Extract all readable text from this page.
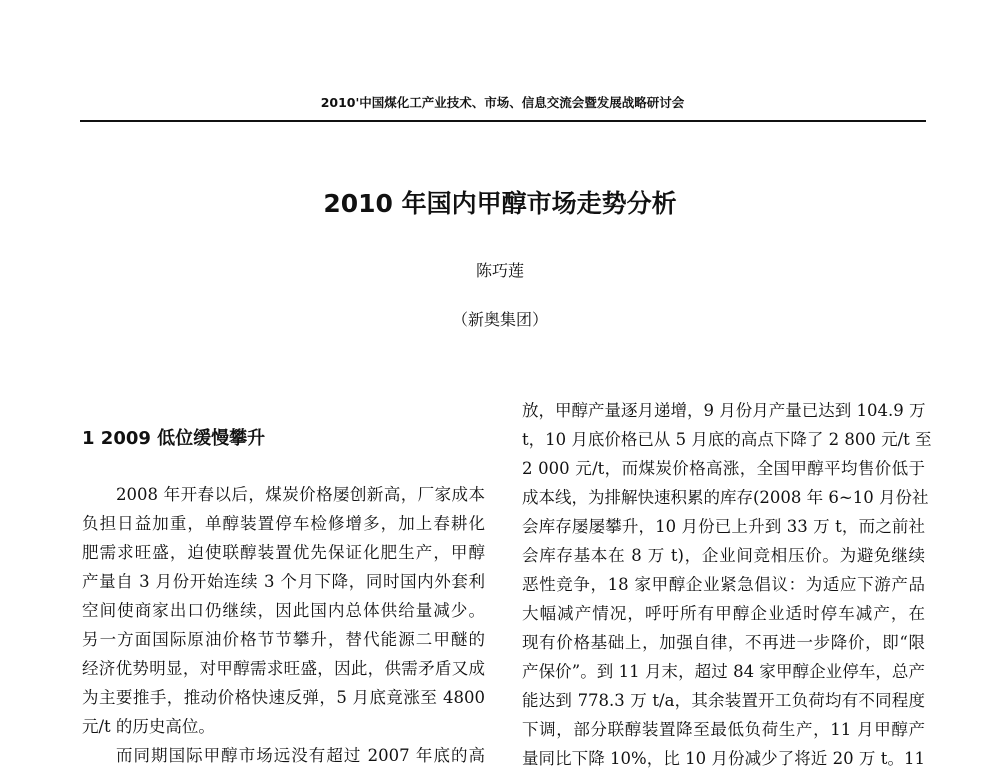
2010'中国煤化工产业技术、市场、信息交流会暨发展战略研讨会
2010 年国内甲醇市场走势分析
陈巧莲
（新奥集团）
1 2009 低位缓慢攀升
2008 年开春以后，煤炭价格屡创新高，厂家成本
负担日益加重，单醇装置停车检修增多，加上春耕化
肥需求旺盛，迫使联醇装置优先保证化肥生产，甲醇
产量自 3 月份开始连续 3 个月下降，同时国内外套利
空间使商家出口仍继续，因此国内总体供给量减少。
另一方面国际原油价格节节攀升，替代能源二甲醚的
经济优势明显，对甲醇需求旺盛，因此，供需矛盾又成
为主要推手，推动价格快速反弹，5 月底竟涨至 4800
元/t 的历史高位。
而同期国际甲醇市场远没有超过 2007 年底的高
放，甲醇产量逐月递增，9 月份月产量已达到 104.9 万
t，10 月底价格已从 5 月底的高点下降了 2 800 元/t 至
2 000 元/t，而煤炭价格高涨，全国甲醇平均售价低于
成本线，为排解快速积累的库存(2008 年 6~10 月份社
会库存屡屡攀升，10 月份已上升到 33 万 t，而之前社
会库存基本在 8 万 t)，企业间竞相压价。为避免继续
恶性竞争，18 家甲醇企业紧急倡议：为适应下游产品
大幅减产情况，呼吁所有甲醇企业适时停车减产，在
现有价格基础上，加强自律，不再进一步降价，即“限
产保价”。到 11 月末，超过 84 家甲醇企业停车，总产
能达到 778.3 万 t/a，其余装置开工负荷均有不同程度
下调，部分联醇装置降至最低负荷生产，11 月甲醇产
量同比下降 10%，比 10 月份减少了将近 20 万 t。11
